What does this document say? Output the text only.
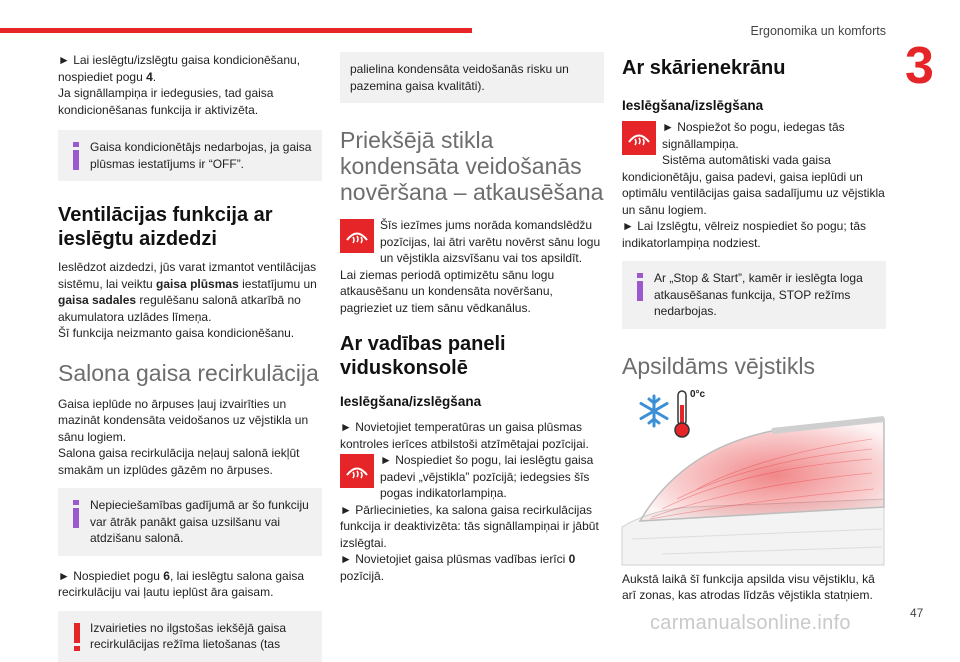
Ergonomika un komforts
3
47
carmanualsonline.info

► Lai ieslēgtu/izslēgtu gaisa kondicionēšanu, nospiediet pogu 4.

Ja signāllampiņa ir iedegusies, tad gaisa kondicionēšanas funkcija ir aktivizēta.

Gaisa kondicionētājs nedarbojas, ja gaisa plūsmas iestatījums ir “OFF”.
Ventilācijas funkcija ar ieslēgtu aizdedzi

Ieslēdzot aizdedzi, jūs varat izmantot ventilācijas sistēmu, lai veiktu gaisa plūsmas iestatījumu un gaisa sadales regulēšanu salonā atkarībā no akumulatora uzlādes līmeņa.

Šī funkcija neizmanto gaisa kondicionēšanu.

Salona gaisa recirkulācija

Gaisa ieplūde no ārpuses ļauj izvairīties un mazināt kondensāta veidošanos uz vējstikla un sānu logiem.

Salona gaisa recirkulācija neļauj salonā iekļūt smakām un izplūdes gāzēm no ārpuses.

Nepieciešamības gadījumā ar šo funkciju var ātrāk panākt gaisa uzsilšanu vai atdzišanu salonā.

► Nospiediet pogu 6, lai ieslēgtu salona gaisa recirkulāciju vai ļautu ieplūst āra gaisam.

Izvairieties no ilgstošas iekšējā gaisa recirkulācijas režīma lietošanas (tas
palielina kondensāta veidošanās risku un pazemina gaisa kvalitāti).
Priekšējā stikla kondensāta veidošanās novēršana – atkausēšana

Šīs iezīmes jums norāda komandslēdžu pozīcijas, lai ātri varētu novērst sānu logu un vējstikla aizsvīšanu vai tos apsildīt.

Lai ziemas periodā optimizētu sānu logu atkausēšanu un kondensāta novēršanu, pagrieziet uz tiem sānu vēdkanālus.

Ar vadības paneli viduskonsolē
Ieslēgšana/izslēgšana

► Novietojiet temperatūras un gaisa plūsmas kontroles ierīces atbilstoši atzīmētajai pozīcijai.

► Nospiediet šo pogu, lai ieslēgtu gaisa padevi „vējstikla” pozīcijā; iedegsies šīs pogas indikatorlampiņa.

► Pārliecinieties, ka salona gaisa recirkulācijas funkcija ir deaktivizēta: tās signāllampiņai ir jābūt izslēgtai.

► Novietojiet gaisa plūsmas vadības ierīci 0 pozīcijā.

Ar skārienekrānu
Ieslēgšana/izslēgšana

► Nospiežot šo pogu, iedegas tās signāllampiņa.

Sistēma automātiski vada gaisa kondicionētāju, gaisa padevi, gaisa ieplūdi un optimālu ventilācijas gaisa sadalījumu uz vējstikla un sānu logiem.

► Lai Izslēgtu, vēlreiz nospiediet šo pogu; tās indikatorlampiņa nodziest.

Ar „Stop & Start”, kamēr ir ieslēgta loga atkausēšanas funkcija, STOP režīms nedarbojas.
Apsildāms vējstikls
0°c

Aukstā laikā šī funkcija apsilda visu vējstiklu, kā arī zonas, kas atrodas līdzās vējstikla statņiem.
